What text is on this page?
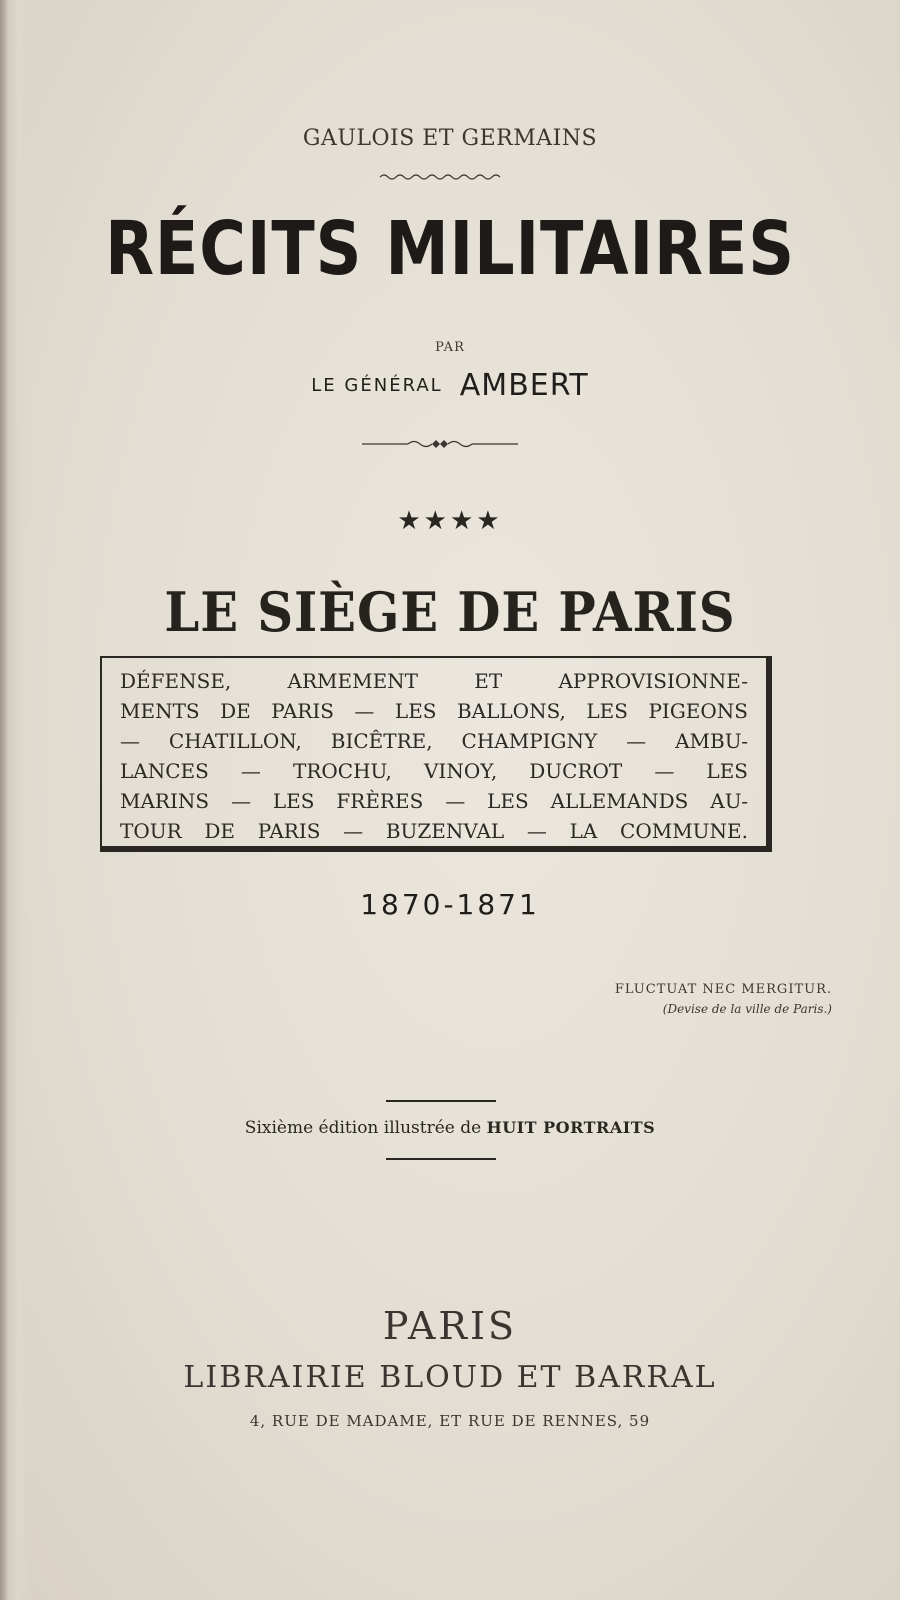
GAULOIS ET GERMAINS
RÉCITS MILITAIRES
PAR
LE GÉNÉRAL AMBERT
★★★★
LE SIÈGE DE PARIS
DÉFENSE, ARMEMENT ET APPROVISIONNE-
MENTS DE PARIS — LES BALLONS, LES PIGEONS
— CHATILLON, BICÊTRE, CHAMPIGNY — AMBU-
LANCES — TROCHU, VINOY, DUCROT — LES
MARINS — LES FRÈRES — LES ALLEMANDS AU-
TOUR DE PARIS — BUZENVAL — LA COMMUNE.
1870-1871
FLUCTUAT NEC MERGITUR.
(Devise de la ville de Paris.)
Sixième édition illustrée de HUIT PORTRAITS
PARIS
LIBRAIRIE BLOUD ET BARRAL
4, RUE DE MADAME, ET RUE DE RENNES, 59
